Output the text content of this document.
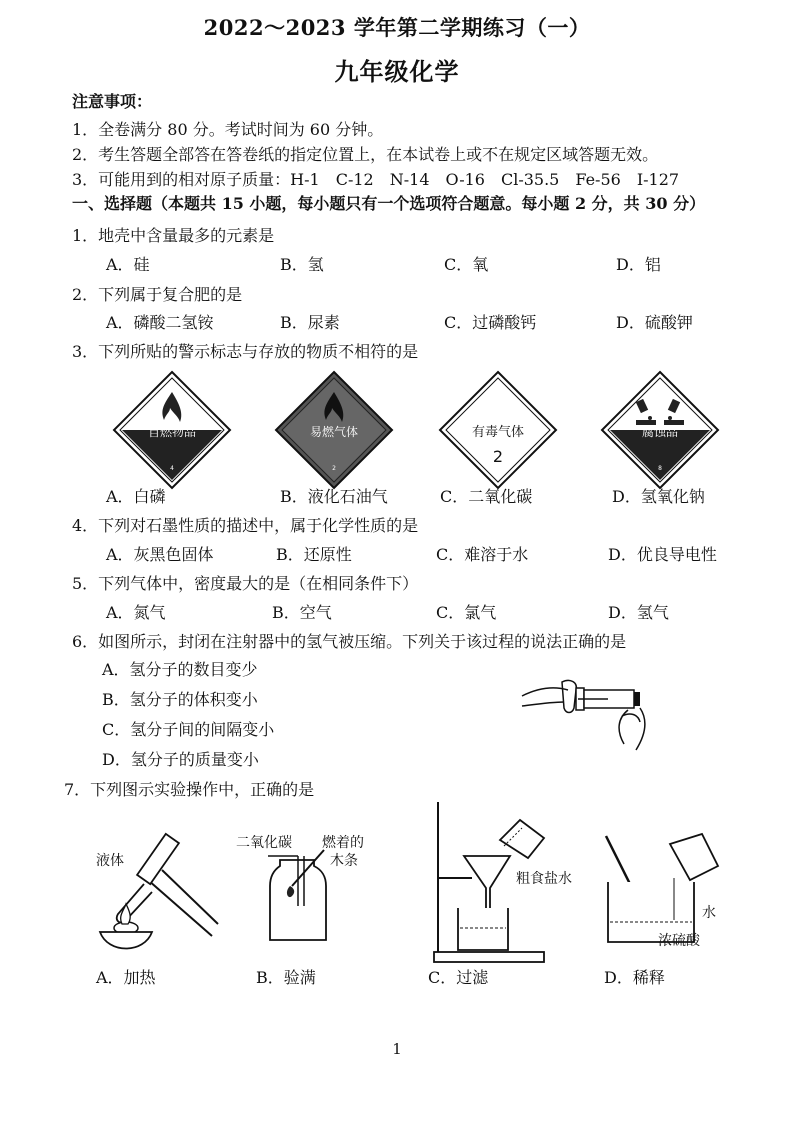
2022～2023 学年第二学期练习（一）
九年级化学
注意事项：
1．全卷满分 80 分。考试时间为 60 分钟。
2．考生答题全部答在答卷纸的指定位置上，在本试卷上或不在规定区域答题无效。
3．可能用到的相对原子质量：H-1　C-12　N-14　O-16　Cl-35.5　Fe-56　I-127
一、选择题（本题共 15 小题，每小题只有一个选项符合题意。每小题 2 分，共 30 分）
1．地壳中含量最多的元素是
A．硅	B．氢	C．氧	D．铝
2．下列属于复合肥的是
A．磷酸二氢铵	B．尿素	C．过磷酸钙	D．硫酸钾
3．下列所贴的警示标志与存放的物质不相符的是
自燃物品
4
易燃气体
2
有毒气体
2
腐蚀品
8
A．白磷	B．液化石油气	C．二氧化碳	D．氢氧化钠
4．下列对石墨性质的描述中，属于化学性质的是
A．灰黑色固体	B．还原性	C．难溶于水	D．优良导电性
5．下列气体中，密度最大的是（在相同条件下）
A．氮气	B．空气	C．氯气	D．氢气
6．如图所示，封闭在注射器中的氢气被压缩。下列关于该过程的说法正确的是
A．氢分子的数目变少
B．氢分子的体积变小
C．氢分子间的间隔变小
D．氢分子的质量变小
7．下列图示实验操作中，正确的是
液体
二氧化碳 燃着的
木条
粗食盐水
水
浓硫酸
A．加热	B．验满	C．过滤	D．稀释
1
